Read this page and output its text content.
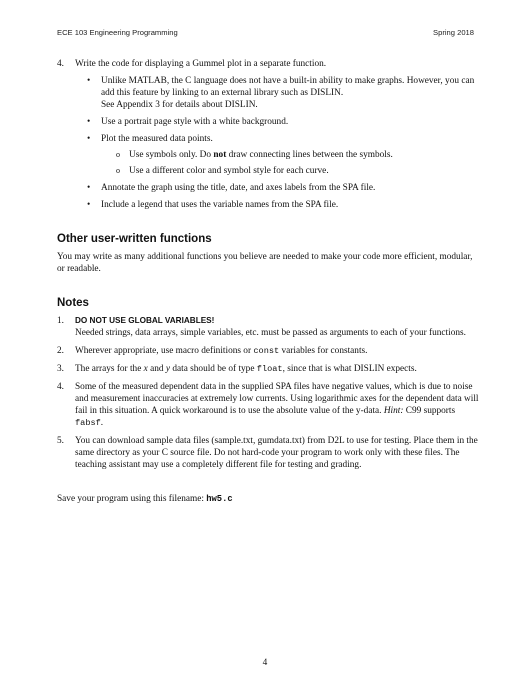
ECE 103 Engineering Programming	Spring 2018
4. Write the code for displaying a Gummel plot in a separate function.
• Unlike MATLAB, the C language does not have a built-in ability to make graphs. However, you can add this feature by linking to an external library such as DISLIN.
See Appendix 3 for details about DISLIN.
• Use a portrait page style with a white background.
• Plot the measured data points.
o Use symbols only. Do not draw connecting lines between the symbols.
o Use a different color and symbol style for each curve.
• Annotate the graph using the title, date, and axes labels from the SPA file.
• Include a legend that uses the variable names from the SPA file.
Other user-written functions

You may write as many additional functions you believe are needed to make your code more efficient, modular, or readable.

Notes
1. DO NOT USE GLOBAL VARIABLES!
Needed strings, data arrays, simple variables, etc. must be passed as arguments to each of your functions.
2. Wherever appropriate, use macro definitions or const variables for constants.
3. The arrays for the x and y data should be of type float, since that is what DISLIN expects.
4. Some of the measured dependent data in the supplied SPA files have negative values, which is due to noise and measurement inaccuracies at extremely low currents. Using logarithmic axes for the dependent data will fail in this situation. A quick workaround is to use the absolute value of the y-data. Hint: C99 supports fabsf.
5. You can download sample data files (sample.txt, gumdata.txt) from D2L to use for testing. Place them in the same directory as your C source file. Do not hard-code your program to work only with these files. The teaching assistant may use a completely different file for testing and grading.

Save your program using this filename: hw5.c

4
